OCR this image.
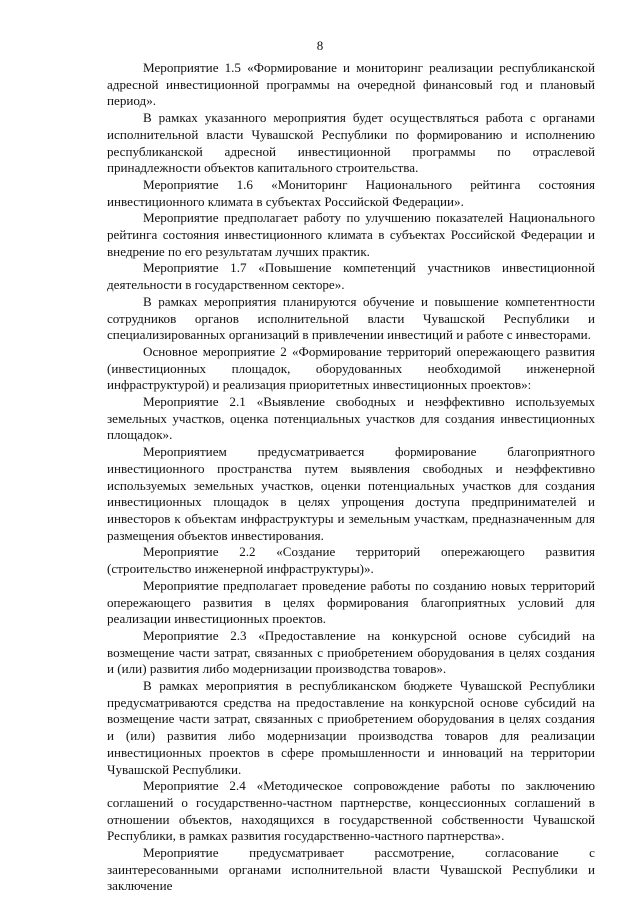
8

Мероприятие 1.5 «Формирование и мониторинг реализации республиканской адресной инвестиционной программы на очередной финансовый год и плановый период».

В рамках указанного мероприятия будет осуществляться работа с органами исполнительной власти Чувашской Республики по формированию и исполнению республиканской адресной инвестиционной программы по отраслевой принадлежности объектов капитального строительства.

Мероприятие 1.6 «Мониторинг Национального рейтинга состояния инвестиционного климата в субъектах Российской Федерации».

Мероприятие предполагает работу по улучшению показателей Национального рейтинга состояния инвестиционного климата в субъектах Российской Федерации и внедрение по его результатам лучших практик.

Мероприятие 1.7 «Повышение компетенций участников инвестиционной деятельности в государственном секторе».

В рамках мероприятия планируются обучение и повышение компетентности сотрудников органов исполнительной власти Чувашской Республики и специализированных организаций в привлечении инвестиций и работе с инвесторами.

Основное мероприятие 2 «Формирование территорий опережающего развития (инвестиционных площадок, оборудованных необходимой инженерной инфраструктурой) и реализация приоритетных инвестиционных проектов»:

Мероприятие 2.1 «Выявление свободных и неэффективно используемых земельных участков, оценка потенциальных участков для создания инвестиционных площадок».

Мероприятием предусматривается формирование благоприятного инвестиционного пространства путем выявления свободных и неэффективно используемых земельных участков, оценки потенциальных участков для создания инвестиционных площадок в целях упрощения доступа предпринимателей и инвесторов к объектам инфраструктуры и земельным участкам, предназначенным для размещения объектов инвестирования.

Мероприятие 2.2 «Создание территорий опережающего развития (строительство инженерной инфраструктуры)».

Мероприятие предполагает проведение работы по созданию новых территорий опережающего развития в целях формирования благоприятных условий для реализации инвестиционных проектов.

Мероприятие 2.3 «Предоставление на конкурсной основе субсидий на возмещение части затрат, связанных с приобретением оборудования в целях создания и (или) развития либо модернизации производства товаров».

В рамках мероприятия в республиканском бюджете Чувашской Республики предусматриваются средства на предоставление на конкурсной основе субсидий на возмещение части затрат, связанных с приобретением оборудования в целях создания и (или) развития либо модернизации производства товаров для реализации инвестиционных проектов в сфере промышленности и инноваций на территории Чувашской Республики.

Мероприятие 2.4 «Методическое сопровождение работы по заключению соглашений о государственно-частном партнерстве, концессионных соглашений в отношении объектов, находящихся в государственной собственности Чувашской Республики, в рамках развития государственно-частного партнерства».

Мероприятие предусматривает рассмотрение, согласование с заинтересованными органами исполнительной власти Чувашской Республики и заключение
